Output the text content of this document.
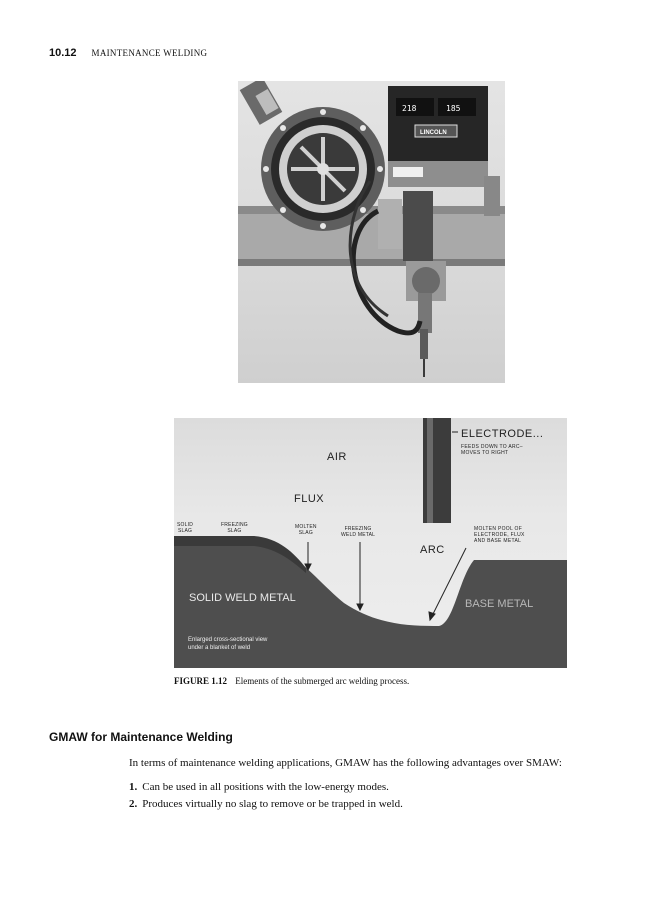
10.12 MAINTENANCE WELDING
218	185
LINCOLN
ELECTRODE...
FEEDS DOWN TO ARC–
MOVES TO RIGHT
AIR
FLUX
ARC
SOLID
SLAG
FREEZING
SLAG
MOLTEN
SLAG
FREEZING
WELD METAL
MOLTEN POOL OF
ELECTRODE, FLUX
AND BASE METAL
SOLID WELD METAL	BASE METAL
Enlarged cross-sectional view
under a blanket of weld
FIGURE 1.12 Elements of the submerged arc welding process.
GMAW for Maintenance Welding
In terms of maintenance welding applications, GMAW has the following advantages over SMAW:
1. Can be used in all positions with the low-energy modes.
2. Produces virtually no slag to remove or be trapped in weld.
